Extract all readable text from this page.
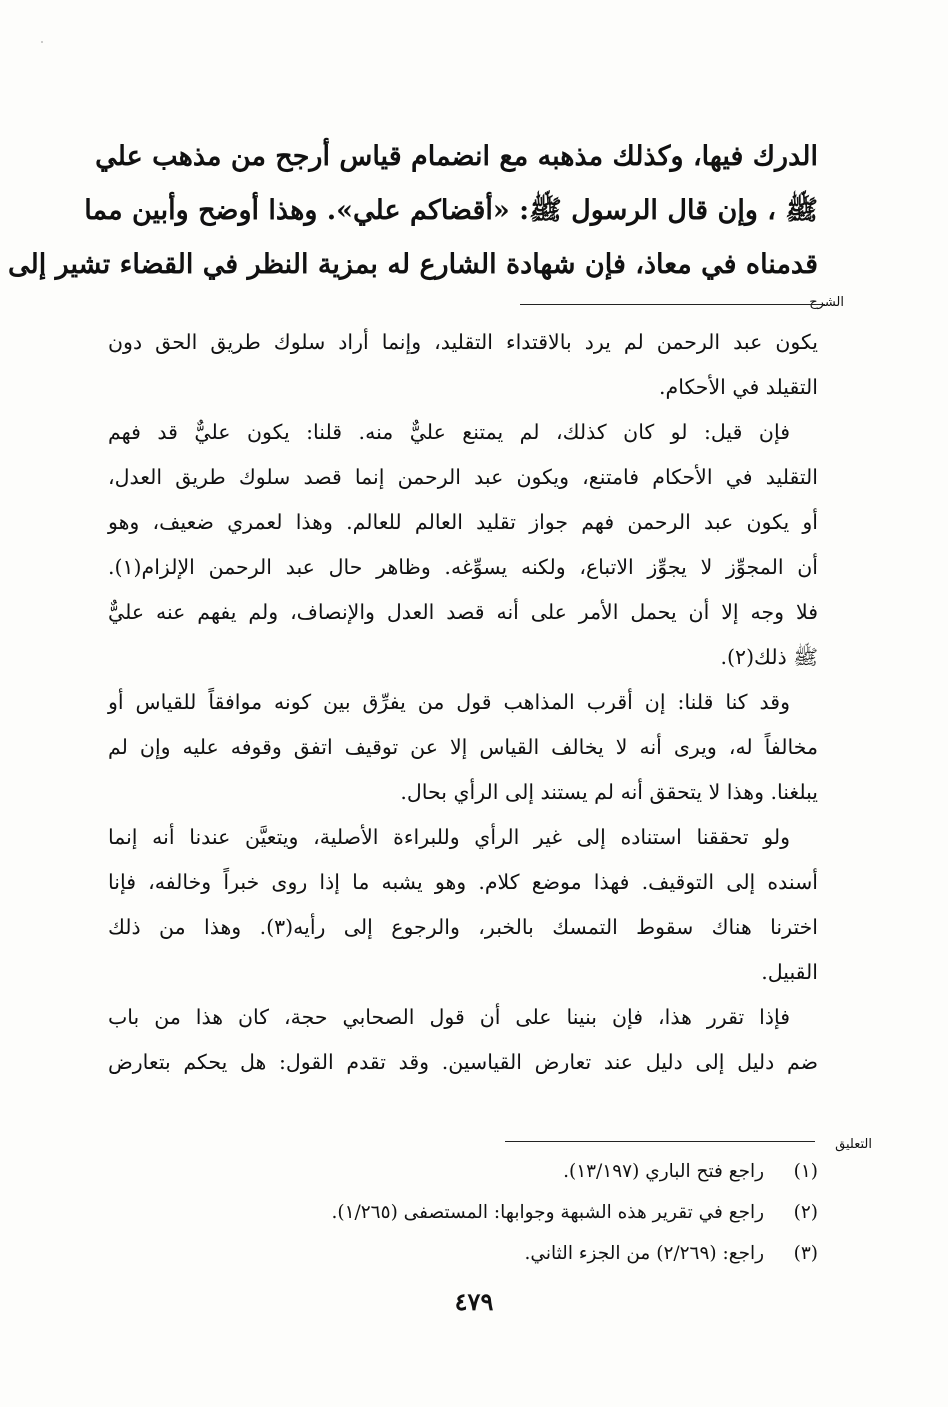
الدرك فيها، وكذلك مذهبه مع انضمام قياس أرجح من مذهب علي
ﷺ ، وإن قال الرسول ﷺ: «أقضاكم علي». وهذا أوضح وأبين مما
قدمناه في معاذ، فإن شهادة الشارع له بمزية النظر في القضاء تشير إلى
الشرح
يكون عبد الرحمن لم يرد بالاقتداء التقليد، وإنما أراد سلوك طريق الحق دون
التقيلد في الأحكام.
فإن قيل: لو كان كذلك، لم يمتنع عليٌّ منه. قلنا: يكون عليٌّ قد فهم
التقليد في الأحكام فامتنع، ويكون عبد الرحمن إنما قصد سلوك طريق العدل،
أو يكون عبد الرحمن فهم جواز تقليد العالم للعالم. وهذا لعمري ضعيف، وهو
أن المجوِّز لا يجوِّز الاتباع، ولكنه يسوِّغه. وظاهر حال عبد الرحمن الإلزام(١).
فلا وجه إلا أن يحمل الأمر على أنه قصد العدل والإنصاف، ولم يفهم عنه عليٌّ
ﷺ ذلك(٢).
وقد كنا قلنا: إن أقرب المذاهب قول من يفرِّق بين كونه موافقاً للقياس أو
مخالفاً له، ويرى أنه لا يخالف القياس إلا عن توقيف اتفق وقوفه عليه وإن لم
يبلغنا. وهذا لا يتحقق أنه لم يستند إلى الرأي بحال.
ولو تحققنا استناده إلى غير الرأي وللبراءة الأصلية، ويتعيَّن عندنا أنه إنما
أسنده إلى التوقيف. فهذا موضع كلام. وهو يشبه ما إذا روى خبراً وخالفه، فإنا
اخترنا هناك سقوط التمسك بالخبر، والرجوع إلى رأيه(٣). وهذا من ذلك
القبيل.
فإذا تقرر هذا، فإن بنينا على أن قول الصحابي حجة، كان هذا من باب
ضم دليل إلى دليل عند تعارض القياسين. وقد تقدم القول: هل يحكم بتعارض
التعليق
(١) راجع فتح الباري (١٣/١٩٧).
(٢) راجع في تقرير هذه الشبهة وجوابها: المستصفى (١/٢٦٥).
(٣) راجع: (٢/٢٦٩) من الجزء الثاني.
٤٧٩
